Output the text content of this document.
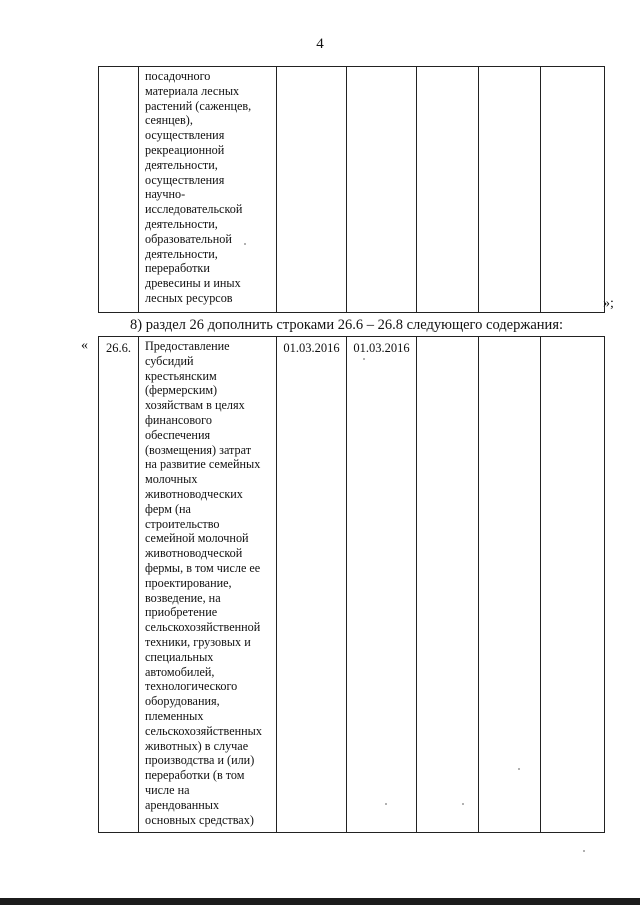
4

посадочного
материала лесных
растений (саженцев,
сеянцев),
осуществления
рекреационной
деятельности,
осуществления
научно-
исследовательской
деятельности,
образовательной
деятельности,
переработки
древесины и иных
лесных ресурсов
						»;
8) раздел 26 дополнить строками 26.6 – 26.8 следующего содержания:
« 26.6.	Предоставление
субсидий
крестьянским
(фермерским)
хозяйствам в целях
финансового
обеспечения
(возмещения) затрат
на развитие семейных
молочных
животноводческих
ферм (на
строительство
семейной молочной
животноводческой
фермы, в том числе ее
проектирование,
возведение, на
приобретение
сельскохозяйственной
техники, грузовых и
специальных
автомобилей,
технологического
оборудования,
племенных
сельскохозяйственных
животных) в случае
производства и (или)
переработки (в том
числе на
арендованных
основных средствах)
	01.03.2016	01.03.2016			
